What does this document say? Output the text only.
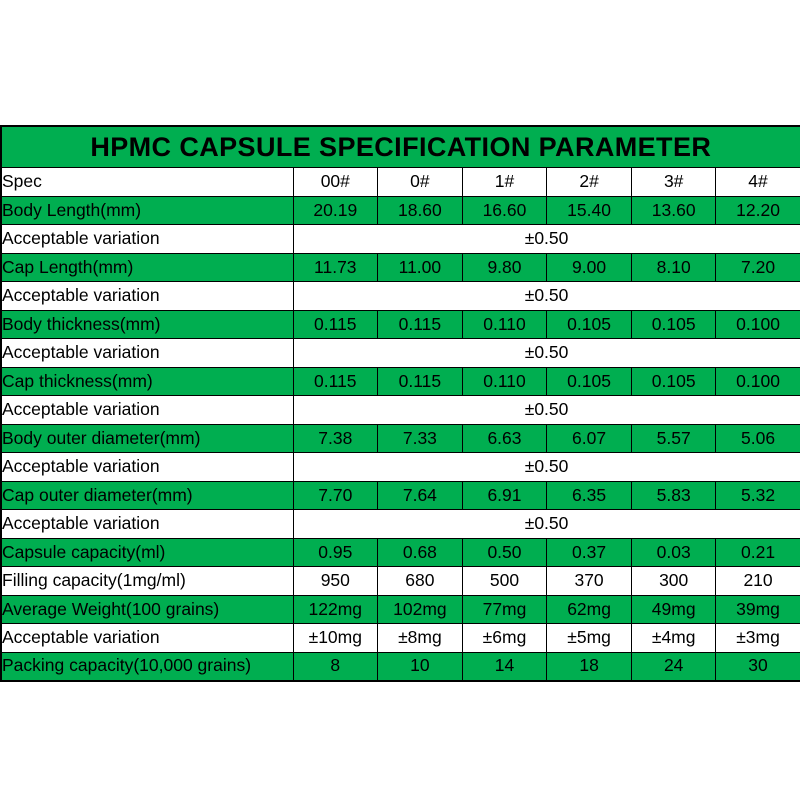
HPMC CAPSULE SPECIFICATION PARAMETER						
Spec	00#	0#	1#	2#	3#	4#
Body Length(mm)	20.19	18.60	16.60	15.40	13.60	12.20
Acceptable variation	±0.50					
Cap Length(mm)	11.73	11.00	9.80	9.00	8.10	7.20
Acceptable variation	±0.50					
Body thickness(mm)	0.115	0.115	0.110	0.105	0.105	0.100
Acceptable variation	±0.50					
Cap thickness(mm)	0.115	0.115	0.110	0.105	0.105	0.100
Acceptable variation	±0.50					
Body outer diameter(mm)	7.38	7.33	6.63	6.07	5.57	5.06
Acceptable variation	±0.50					
Cap outer diameter(mm)	7.70	7.64	6.91	6.35	5.83	5.32
Acceptable variation	±0.50					
Capsule capacity(ml)	0.95	0.68	0.50	0.37	0.03	0.21
Filling capacity(1mg/ml)	950	680	500	370	300	210
Average Weight(100 grains)	122mg	102mg	77mg	62mg	49mg	39mg
Acceptable variation	±10mg	±8mg	±6mg	±5mg	±4mg	±3mg
Packing capacity(10,000 grains)	8	10	14	18	24	30
